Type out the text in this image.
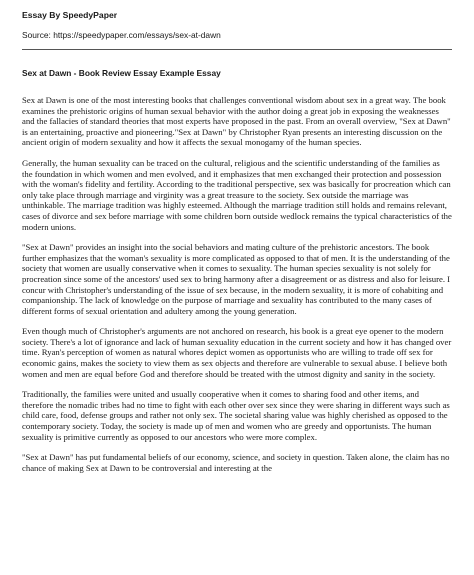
Essay By SpeedyPaper
Source: https://speedypaper.com/essays/sex-at-dawn
Sex at Dawn - Book Review Essay Example Essay

Sex at Dawn is one of the most interesting books that challenges conventional wisdom about sex in a great way. The book examines the prehistoric origins of human sexual behavior with the author doing a great job in exposing the weaknesses and the fallacies of standard theories that most experts have proposed in the past. From an overall overview, "Sex at Dawn" is an entertaining, proactive and pioneering."Sex at Dawn" by Christopher Ryan presents an interesting discussion on the ancient origin of modern sexuality and how it affects the sexual monogamy of the human species.

Generally, the human sexuality can be traced on the cultural, religious and the scientific understanding of the families as the foundation in which women and men evolved, and it emphasizes that men exchanged their protection and possession with the woman's fidelity and fertility. According to the traditional perspective, sex was basically for procreation which can only take place through marriage and virginity was a great treasure to the society. Sex outside the marriage was unthinkable. The marriage tradition was highly esteemed. Although the marriage tradition still holds and remains relevant, cases of divorce and sex before marriage with some children born outside wedlock remains the typical characteristics of the modern unions.

"Sex at Dawn" provides an insight into the social behaviors and mating culture of the prehistoric ancestors. The book further emphasizes that the woman's sexuality is more complicated as opposed to that of men. It is the understanding of the society that women are usually conservative when it comes to sexuality. The human species sexuality is not solely for procreation since some of the ancestors' used sex to bring harmony after a disagreement or as distress and also for leisure. I concur with Christopher's understanding of the issue of sex because, in the modern sexuality, it is more of cohabiting and companionship. The lack of knowledge on the purpose of marriage and sexuality has contributed to the many cases of different forms of sexual orientation and adultery among the young generation.

Even though much of Christopher's arguments are not anchored on research, his book is a great eye opener to the modern society. There's a lot of ignorance and lack of human sexuality education in the current society and how it has changed over time. Ryan's perception of women as natural whores depict women as opportunists who are willing to trade off sex for economic gains, makes the society to view them as sex objects and therefore are vulnerable to sexual abuse. I believe both women and men are equal before God and therefore should be treated with the utmost dignity and sanity in the society.

Traditionally, the families were united and usually cooperative when it comes to sharing food and other items, and therefore the nomadic tribes had no time to fight with each other over sex since they were sharing in different ways such as child care, food, defense groups and rather not only sex. The societal sharing value was highly cherished as opposed to the contemporary society. Today, the society is made up of men and women who are greedy and opportunists. The human sexuality is primitive currently as opposed to our ancestors who were more complex.

"Sex at Dawn" has put fundamental beliefs of our economy, science, and society in question. Taken alone, the claim has no chance of making Sex at Dawn to be controversial and interesting at the
